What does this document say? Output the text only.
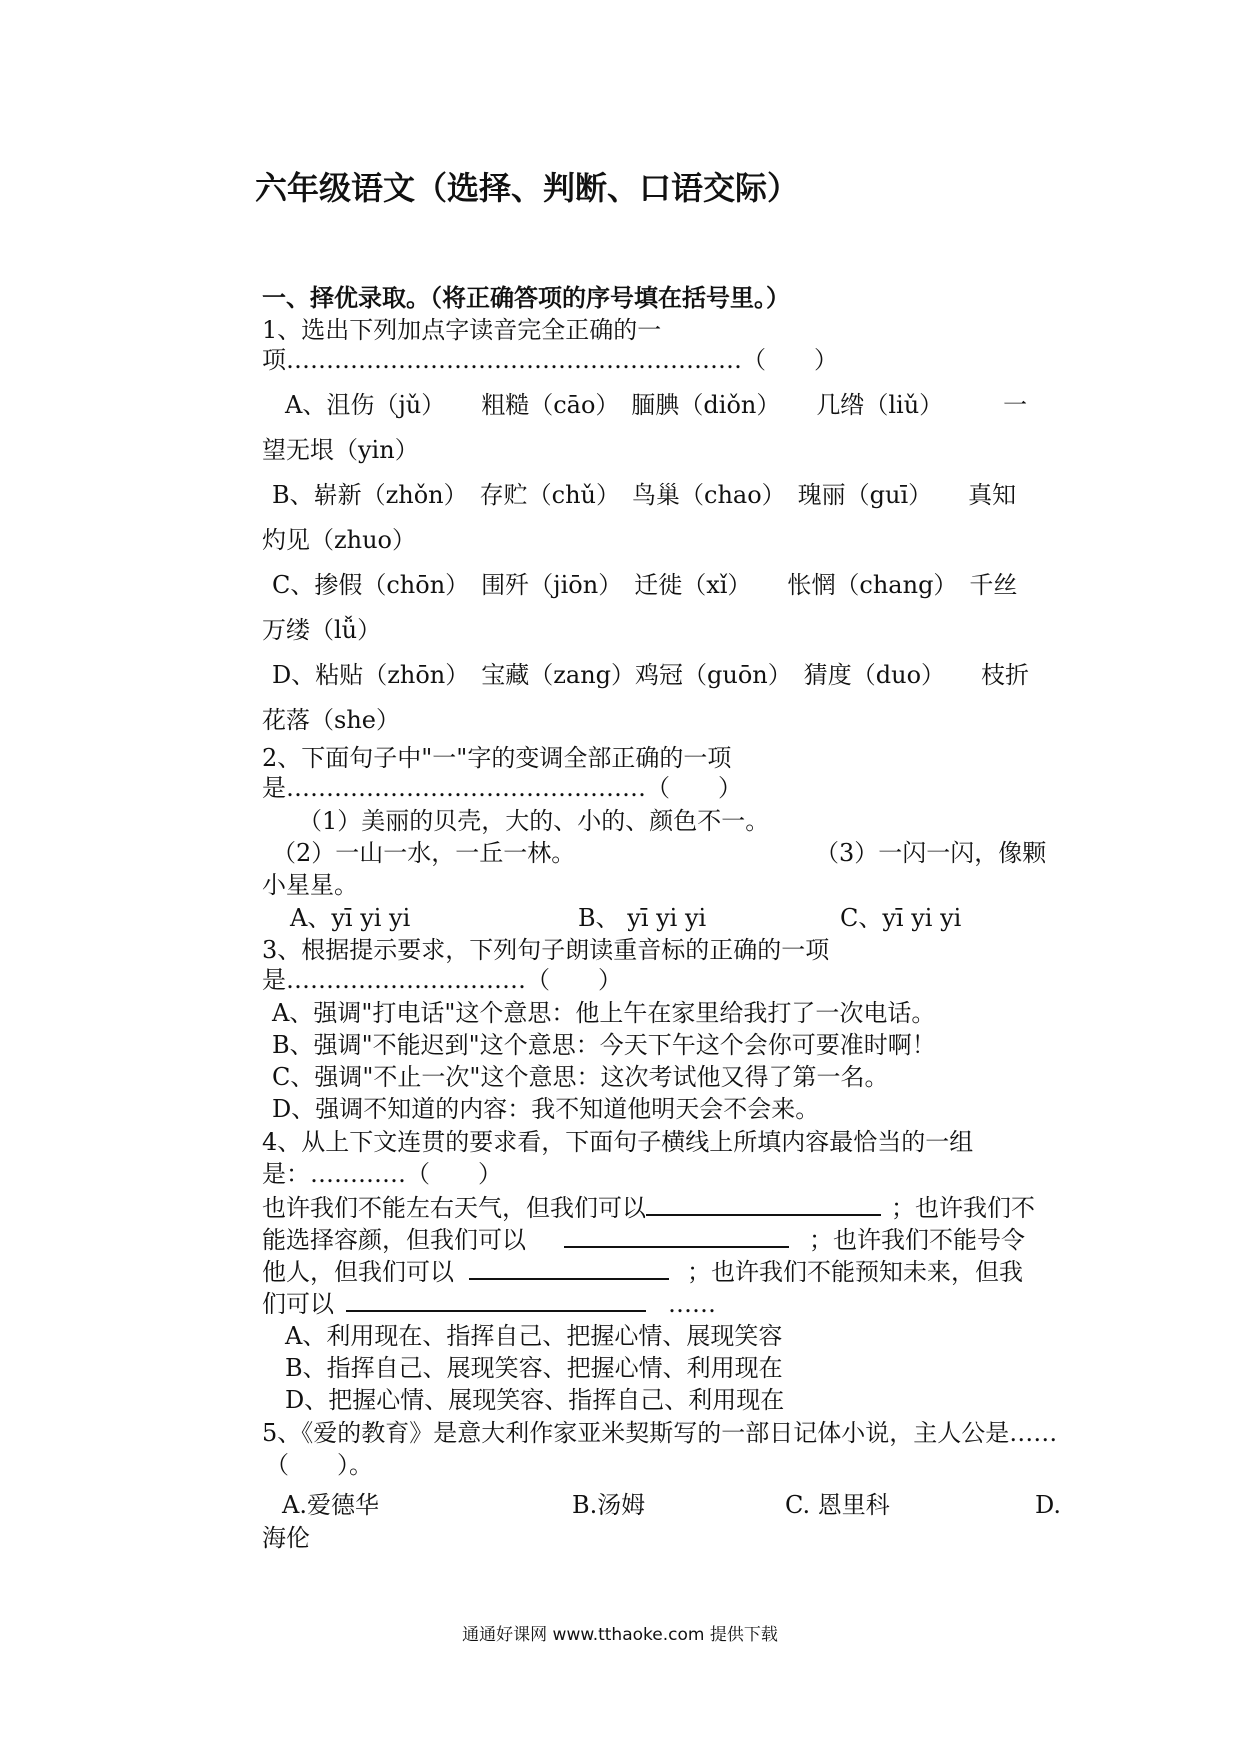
六年级语文（选择、判断、口语交际）
一、择优录取。（将正确答项的序号填在括号里。）
1、选出下列加点字读音完全正确的一
项…………………………………………………（　　）
A、沮伤（jǔ）　　粗糙（cāo）　腼腆（diǒn）　　几绺（liǔ）　　　一
望无垠（yin）
B、崭新（zhǒn）　存贮（chǔ）　鸟巢（chao）　瑰丽（guī）　　真知
灼见（zhuo）
C、掺假（chōn）　围歼（jiōn）　迁徙（xǐ）　　怅惘（chang）　千丝
万缕（lǚ）
D、粘贴（zhōn）　宝藏（zang）鸡冠（guōn）　猜度（duo）　　枝折
花落（she）
2、下面句子中"一"字的变调全部正确的一项
是………………………………………（　　）
（1）美丽的贝壳，大的、小的、颜色不一。
（2）一山一水，一丘一林。	（3）一闪一闪，像颗
小星星。
A、yī yi yi	B、 yī yi yi	C、yī yi yi
3、根据提示要求，下列句子朗读重音标的正确的一项
是…………………………（　　）
A、强调"打电话"这个意思：他上午在家里给我打了一次电话。
B、强调"不能迟到"这个意思：今天下午这个会你可要准时啊！
C、强调"不止一次"这个意思：这次考试他又得了第一名。
D、强调不知道的内容：我不知道他明天会不会来。
4、从上下文连贯的要求看，下面句子横线上所填内容最恰当的一组
是：…………（　　）
也许我们不能左右天气，但我们可以	；也许我们不
能选择容颜，但我们可以	；也许我们不能号令
他人，但我们可以	；也许我们不能预知未来，但我
们可以	……
A、利用现在、指挥自己、把握心情、展现笑容
B、指挥自己、展现笑容、把握心情、利用现在
D、把握心情、展现笑容、指挥自己、利用现在
5、《爱的教育》是意大利作家亚米契斯写的一部日记体小说，主人公是……
（　　）。
A.爱德华	B.汤姆	C. 恩里科	D.
海伦
通通好课网 www.tthaoke.com 提供下载
